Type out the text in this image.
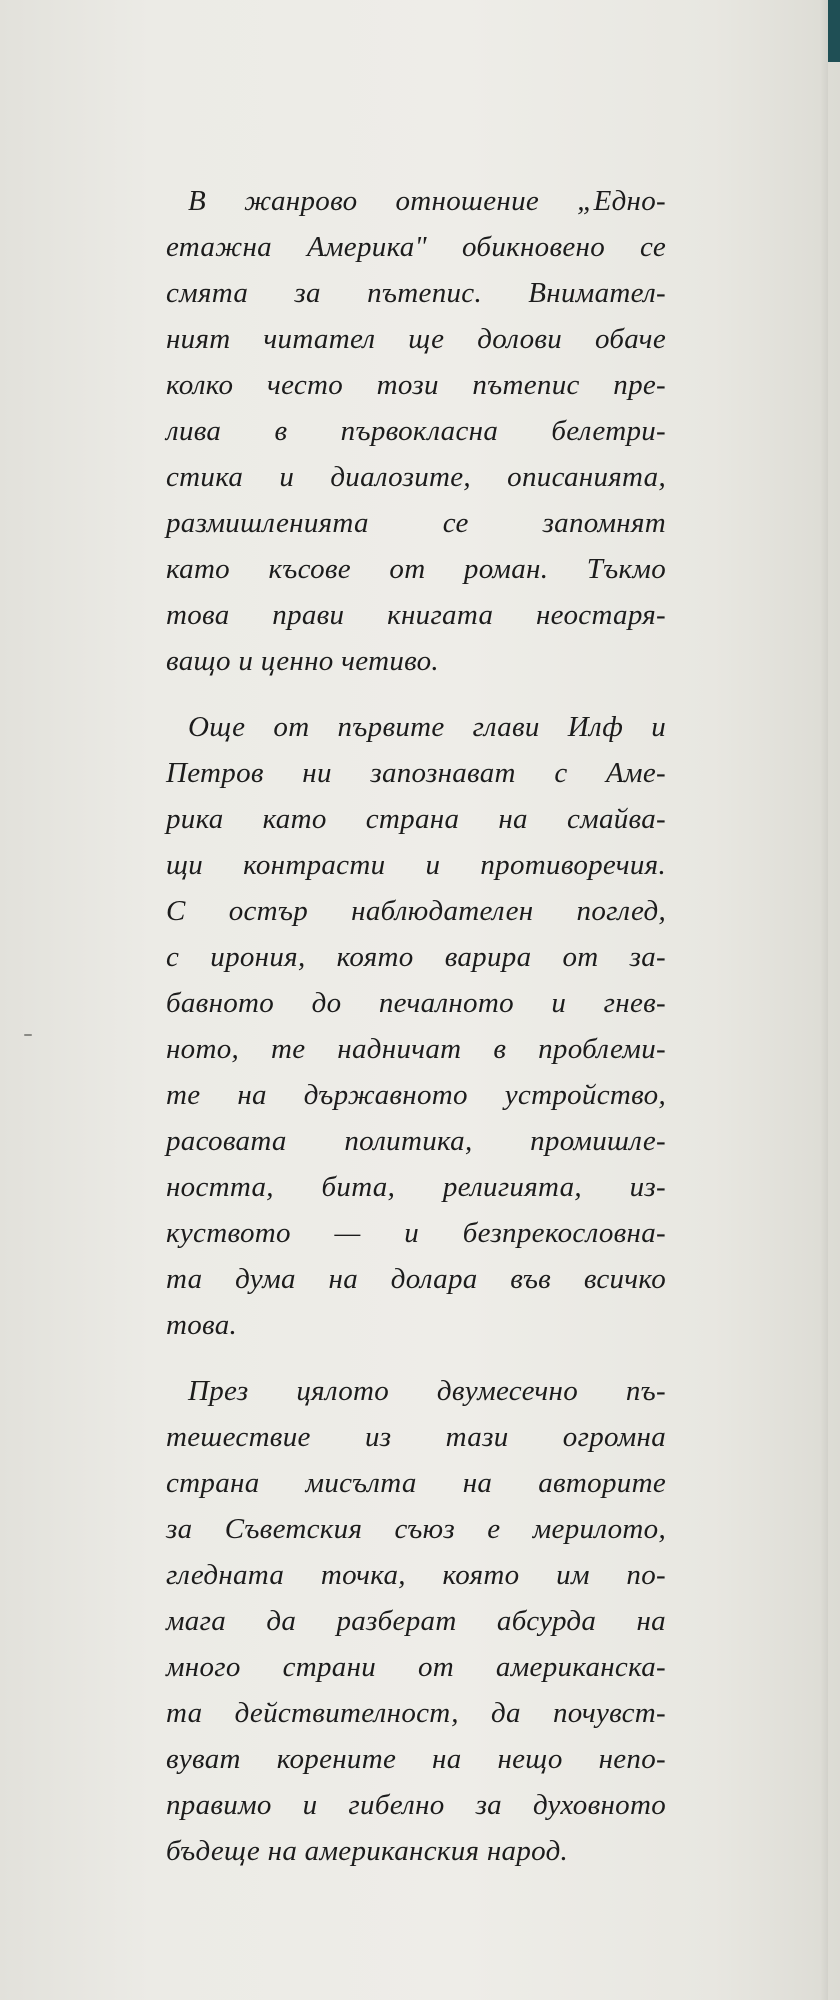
В жанрово отношение „Едно-
етажна Америка" обикновено се
смята за пътепис. Внимател-
ният читател ще долови обаче
колко често този пътепис пре-
лива в първокласна белетри-
стика и диалозите, описанията,
размишленията се запомнят
като късове от роман. Тъкмо
това прави книгата неостаря-
ващо и ценно четиво.
Още от първите глави Илф и
Петров ни запознават с Аме-
рика като страна на смайва-
щи контрасти и противоречия.
С остър наблюдателен поглед,
с ирония, която варира от за-
бавното до печалното и гнев-
ното, те надничат в проблеми-
те на държавното устройство,
расовата политика, промишле-
ността, бита, религията, из-
куството — и безпрекословна-
та дума на долара във всичко
това.
През цялото двумесечно пъ-
тешествие из тази огромна
страна мисълта на авторите
за Съветския съюз е мерилото,
гледната точка, която им по-
мага да разберат абсурда на
много страни от американска-
та действителност, да почувст-
вуват корените на нещо непо-
правимо и гибелно за духовното
бъдеще на американския народ.
